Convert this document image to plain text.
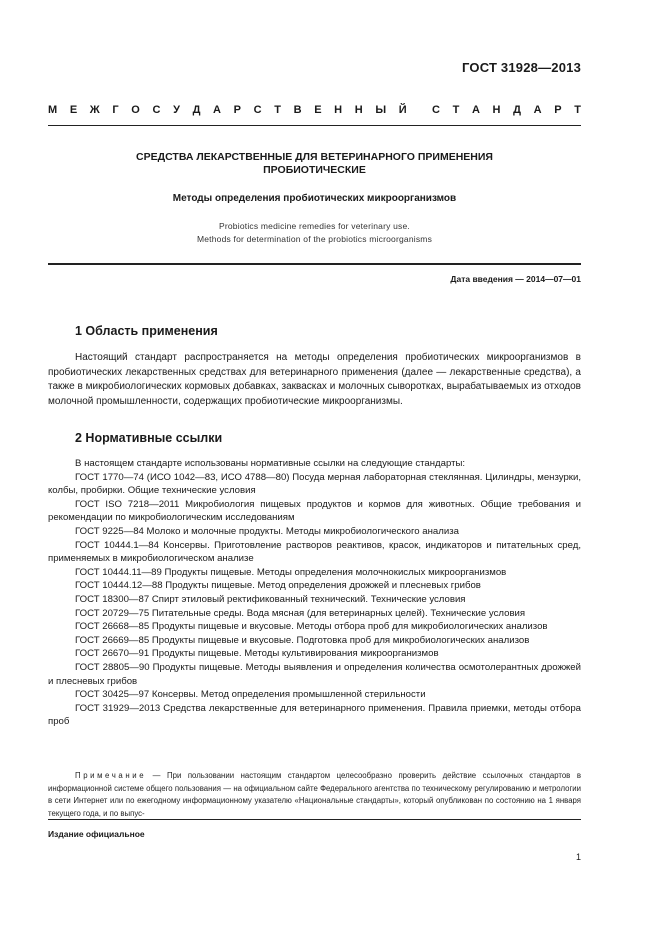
ГОСТ 31928—2013
М Е Ж Г О С У Д А Р С Т В Е Н Н Ы Й С Т А Н Д А Р Т
СРЕДСТВА ЛЕКАРСТВЕННЫЕ ДЛЯ ВЕТЕРИНАРНОГО ПРИМЕНЕНИЯ
ПРОБИОТИЧЕСКИЕ
Методы определения пробиотических микроорганизмов
Probiotics medicine remedies for veterinary use.
Methods for determination of the probiotics microorganisms
Дата введения — 2014—07—01
1 Область применения

Настоящий стандарт распространяется на методы определения пробиотических микроорганизмов в пробиотических лекарственных средствах для ветеринарного применения (далее — лекарственные средства), а также в микробиологических кормовых добавках, заквасках и молочных сыворотках, вырабатываемых из отходов молочной промышленности, содержащих пробиотические микроорганизмы.

2 Нормативные ссылки

В настоящем стандарте использованы нормативные ссылки на следующие стандарты:

ГОСТ 1770—74 (ИСО 1042—83, ИСО 4788—80) Посуда мерная лабораторная стеклянная. Цилиндры, мензурки, колбы, пробирки. Общие технические условия

ГОСТ ISO 7218—2011 Микробиология пищевых продуктов и кормов для животных. Общие требования и рекомендации по микробиологическим исследованиям

ГОСТ 9225—84 Молоко и молочные продукты. Методы микробиологического анализа

ГОСТ 10444.1—84 Консервы. Приготовление растворов реактивов, красок, индикаторов и питательных сред, применяемых в микробиологическом анализе

ГОСТ 10444.11—89 Продукты пищевые. Методы определения молочнокислых микроорганизмов

ГОСТ 10444.12—88 Продукты пищевые. Метод определения дрожжей и плесневых грибов

ГОСТ 18300—87 Спирт этиловый ректификованный технический. Технические условия

ГОСТ 20729—75 Питательные среды. Вода мясная (для ветеринарных целей). Технические условия

ГОСТ 26668—85 Продукты пищевые и вкусовые. Методы отбора проб для микробиологических анализов

ГОСТ 26669—85 Продукты пищевые и вкусовые. Подготовка проб для микробиологических анализов

ГОСТ 26670—91 Продукты пищевые. Методы культивирования микроорганизмов

ГОСТ 28805—90 Продукты пищевые. Методы выявления и определения количества осмотолерантных дрожжей и плесневых грибов

ГОСТ 30425—97 Консервы. Метод определения промышленной стерильности

ГОСТ 31929—2013 Средства лекарственные для ветеринарного применения. Правила приемки, методы отбора проб

Примечание — При пользовании настоящим стандартом целесообразно проверить действие ссылочных стандартов в информационной системе общего пользования — на официальном сайте Федерального агентства по техническому регулированию и метрологии в сети Интернет или по ежегодному информационному указателю «Национальные стандарты», который опубликован по состоянию на 1 января текущего года, и по выпус-

Издание официальное
1
